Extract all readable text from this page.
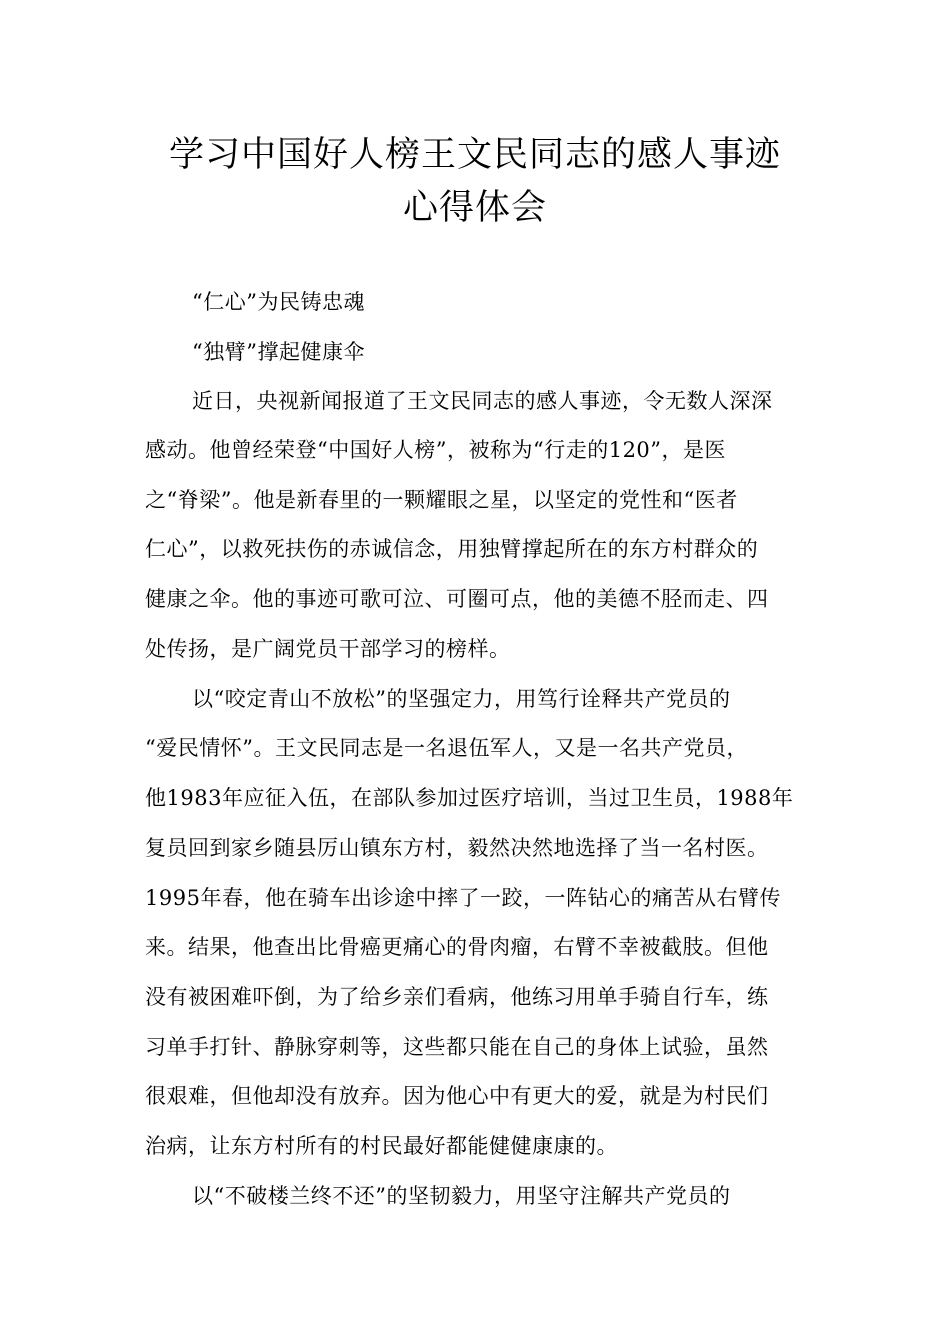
学习中国好人榜王文民同志的感人事迹
心得体会
“仁心”为民铸忠魂
“独臂”撑起健康伞
近日，央视新闻报道了王文民同志的感人事迹，令无数人深深
感动。他曾经荣登“中国好人榜”，被称为“行走的120”，是医
之“脊梁”。他是新春里的一颗耀眼之星，以坚定的党性和“医者
仁心”，以救死扶伤的赤诚信念，用独臂撑起所在的东方村群众的
健康之伞。他的事迹可歌可泣、可圈可点，他的美德不胫而走、四
处传扬，是广阔党员干部学习的榜样。
以“咬定青山不放松”的坚强定力，用笃行诠释共产党员的
“爱民情怀”。王文民同志是一名退伍军人，又是一名共产党员，
他1983年应征入伍，在部队参加过医疗培训，当过卫生员，1988年
复员回到家乡随县厉山镇东方村，毅然决然地选择了当一名村医。
1995年春，他在骑车出诊途中摔了一跤，一阵钻心的痛苦从右臂传
来。结果，他查出比骨癌更痛心的骨肉瘤，右臂不幸被截肢。但他
没有被困难吓倒，为了给乡亲们看病，他练习用单手骑自行车，练
习单手打针、静脉穿刺等，这些都只能在自己的身体上试验，虽然
很艰难，但他却没有放弃。因为他心中有更大的爱，就是为村民们
治病，让东方村所有的村民最好都能健健康康的。
以“不破楼兰终不还”的坚韧毅力，用坚守注解共产党员的
